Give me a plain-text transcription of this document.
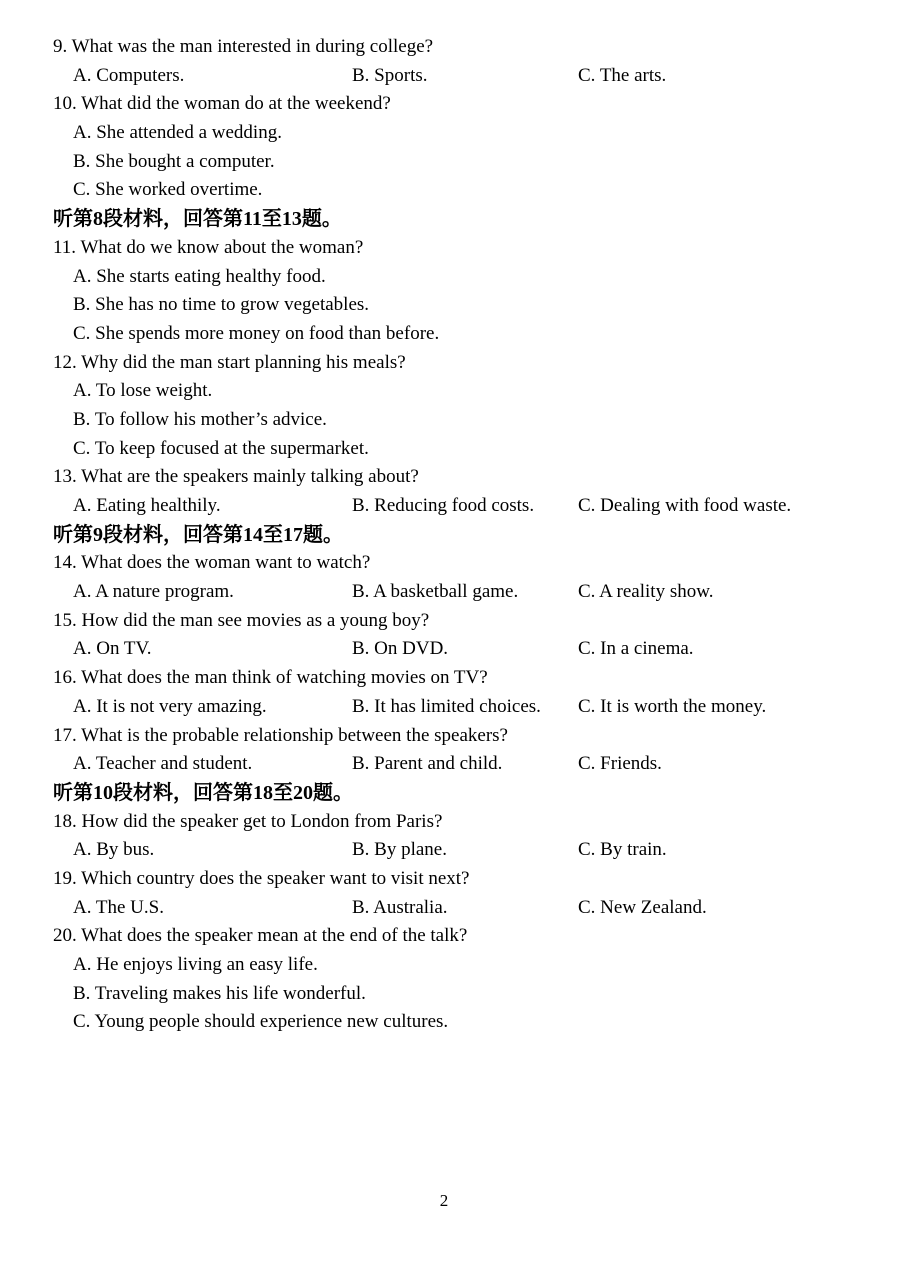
9. What was the man interested in during college?
A. Computers.	B. Sports.	C. The arts.
10. What did the woman do at the weekend?
A. She attended a wedding.
B. She bought a computer.
C. She worked overtime.
听第8段材料，回答第11至13题。
11. What do we know about the woman?
A. She starts eating healthy food.
B. She has no time to grow vegetables.
C. She spends more money on food than before.
12. Why did the man start planning his meals?
A. To lose weight.
B. To follow his mother’s advice.
C. To keep focused at the supermarket.
13. What are the speakers mainly talking about?
A. Eating healthily.	B. Reducing food costs. C. Dealing with food waste.
听第9段材料，回答第14至17题。
14. What does the woman want to watch?
A. A nature program.	B. A basketball game.	C. A reality show.
15. How did the man see movies as a young boy?
A. On TV.	B. On DVD.	C. In a cinema.
16. What does the man think of watching movies on TV?
A. It is not very amazing.	B. It has limited choices. C. It is worth the money.
17. What is the probable relationship between the speakers?
A. Teacher and student.	B. Parent and child.	C. Friends.
听第10段材料，回答第18至20题。
18. How did the speaker get to London from Paris?
A. By bus.	B. By plane.	C. By train.
19. Which country does the speaker want to visit next?
A. The U.S.	B. Australia.	C. New Zealand.
20. What does the speaker mean at the end of the talk?
A. He enjoys living an easy life.
B. Traveling makes his life wonderful.
C. Young people should experience new cultures.
2
